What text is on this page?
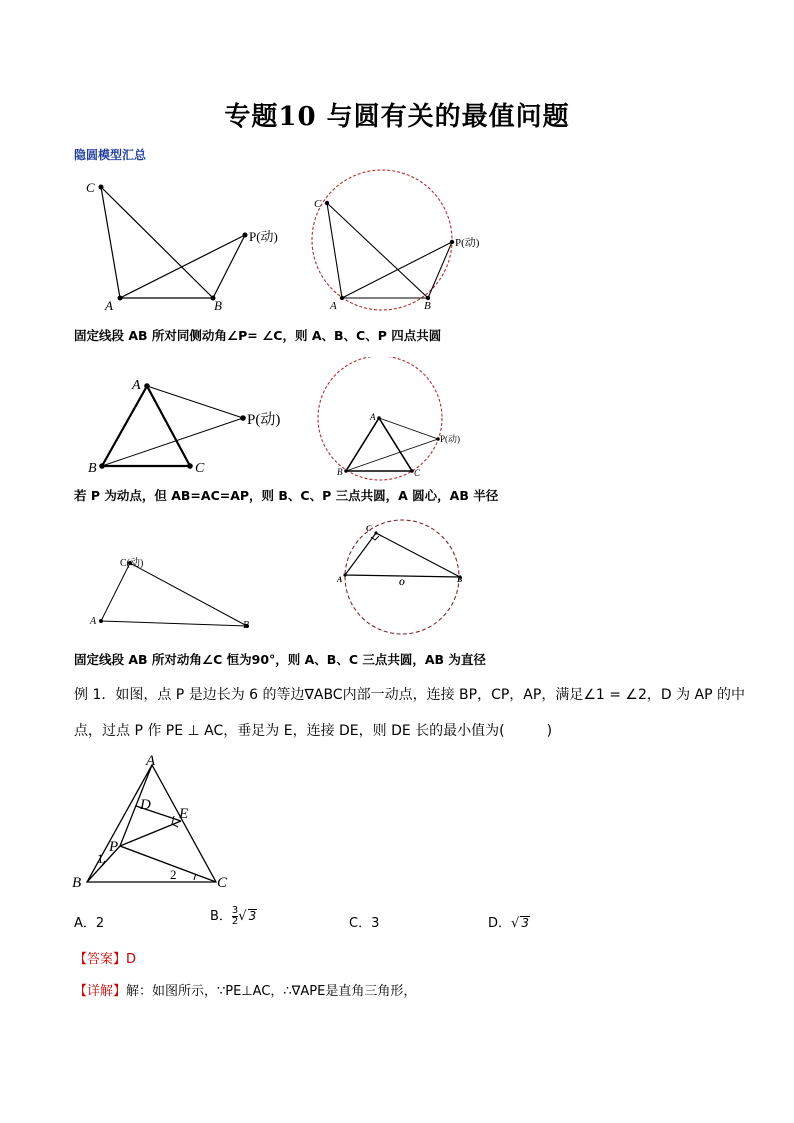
专题10 与圆有关的最值问题
隐圆模型汇总
C
A	B
P(动)
C
A	B
P(动)
固定线段 AB 所对同侧动角∠P= ∠C，则 A、B、C、P 四点共圆
A
B	C
P(动)	A
B	C
P(动)
若 P 为动点，但 AB=AC=AP，则 B、C、P 三点共圆，A 圆心，AB 半径
C(动)
A	B
C
A	B
O
固定线段 AB 所对动角∠C 恒为90°，则 A、B、C 三点共圆，AB 为直径
例 1．如图，点 P 是边长为 6 的等边∇ABC内部一动点，连接 BP，CP，AP，满足∠1 = ∠2，D 为 AP 的中
点，过点 P 作 PE ⊥ AC，垂足为 E，连接 DE，则 DE 长的最小值为(　　　)
A
B	C
D
E
P
1
2
A．2	B． $\frac{3}{2}$ √ 3	C．3	D．√ 3
【答案】D
【详解】解：如图所示，∵PE⊥AC，∴∇APE是直角三角形，
